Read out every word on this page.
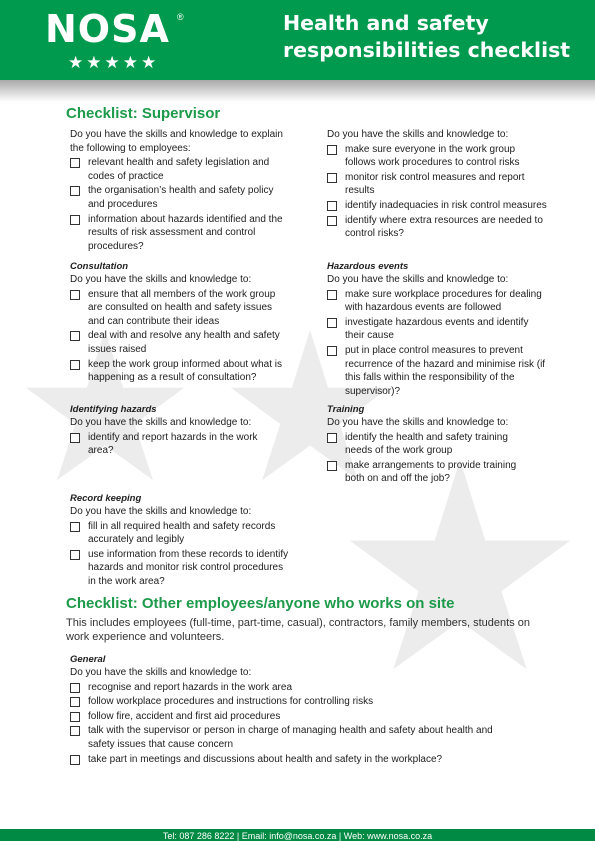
NOSA ®
★★★★★
Health and safety
responsibilities checklist
Checklist: Supervisor
Do you have the skills and knowledge to explain the following to employees:
relevant health and safety legislation and codes of practice
the organisation’s health and safety policy and procedures
information about hazards identified and the results of risk assessment and control procedures?
Consultation
Do you have the skills and knowledge to:
ensure that all members of the work group are consulted on health and safety issues and can contribute their ideas
deal with and resolve any health and safety issues raised
keep the work group informed about what is happening as a result of consultation?
Identifying hazards
Do you have the skills and knowledge to:
identify and report hazards in the work area?
Record keeping
Do you have the skills and knowledge to:
fill in all required health and safety records accurately and legibly
use information from these records to identify hazards and monitor risk control procedures in the work area?
Do you have the skills and knowledge to:
make sure everyone in the work group follows work procedures to control risks
monitor risk control measures and report results
identify inadequacies in risk control measures
identify where extra resources are needed to control risks?
Hazardous events
Do you have the skills and knowledge to:
make sure workplace procedures for dealing with hazardous events are followed
investigate hazardous events and identify their cause
put in place control measures to prevent recurrence of the hazard and minimise risk (if this falls within the responsibility of the supervisor)?
Training
Do you have the skills and knowledge to:
identify the health and safety training needs of the work group
make arrangements to provide training both on and off the job?
Checklist: Other employees/anyone who works on site
This includes employees (full-time, part-time, casual), contractors, family members, students on work experience and volunteers.
General
Do you have the skills and knowledge to:
recognise and report hazards in the work area
follow workplace procedures and instructions for controlling risks
follow fire, accident and first aid procedures
talk with the supervisor or person in charge of managing health and safety about health and safety issues that cause concern
take part in meetings and discussions about health and safety in the workplace?
Tel: 087 286 8222 | Email: info@nosa.co.za | Web: www.nosa.co.za
